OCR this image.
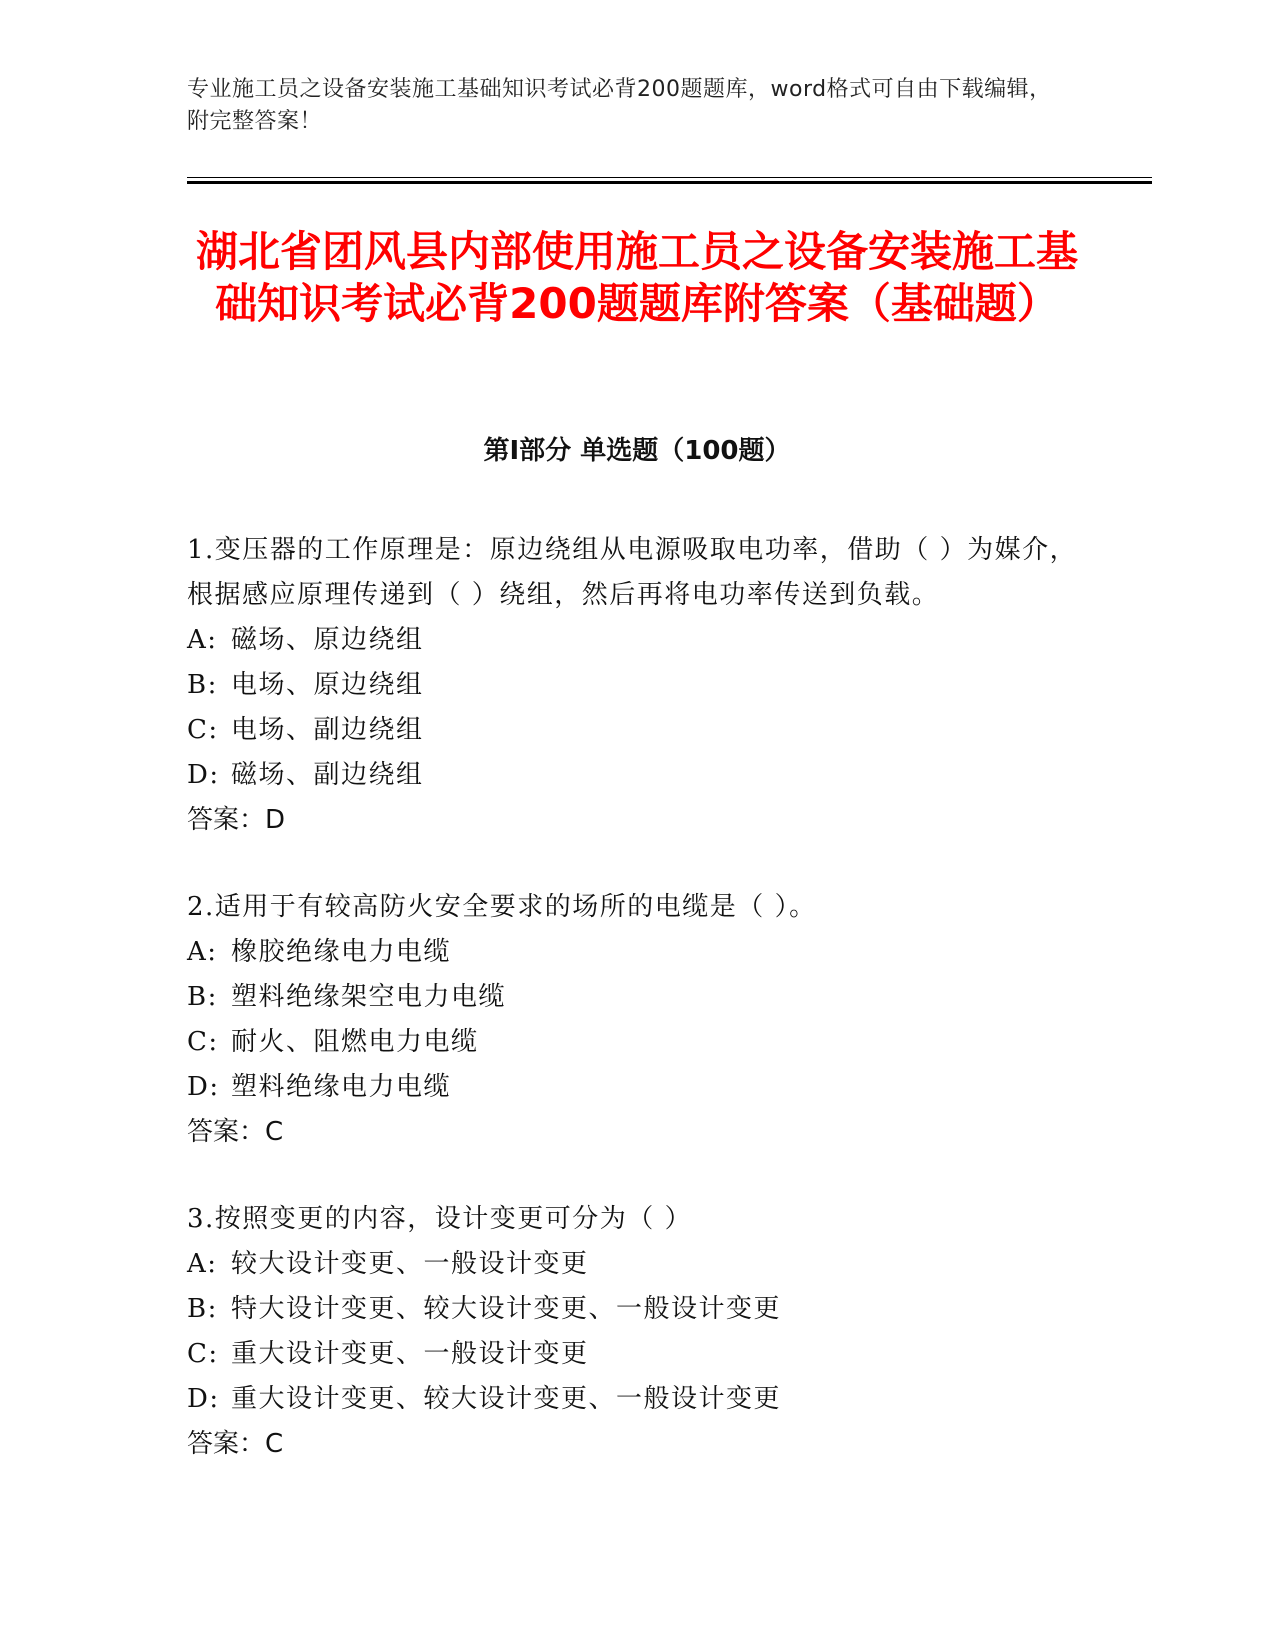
专业施工员之设备安装施工基础知识考试必背200题题库，word格式可自由下载编辑，附完整答案！
湖北省团风县内部使用施工员之设备安装施工基础知识考试必背200题题库附答案（基础题）
第Ⅰ部分 单选题（100题）

1.变压器的工作原理是：原边绕组从电源吸取电功率，借助（ ）为媒介，根据感应原理传递到（ ）绕组，然后再将电功率传送到负载。

A: 磁场、原边绕组

B: 电场、原边绕组

C: 电场、副边绕组

D: 磁场、副边绕组

答案：D

2.适用于有较高防火安全要求的场所的电缆是（ ）。

A: 橡胶绝缘电力电缆

B: 塑料绝缘架空电力电缆

C: 耐火、阻燃电力电缆

D: 塑料绝缘电力电缆

答案：C

3.按照变更的内容，设计变更可分为（ ）

A: 较大设计变更、一般设计变更

B: 特大设计变更、较大设计变更、一般设计变更

C: 重大设计变更、一般设计变更

D: 重大设计变更、较大设计变更、一般设计变更

答案：C
